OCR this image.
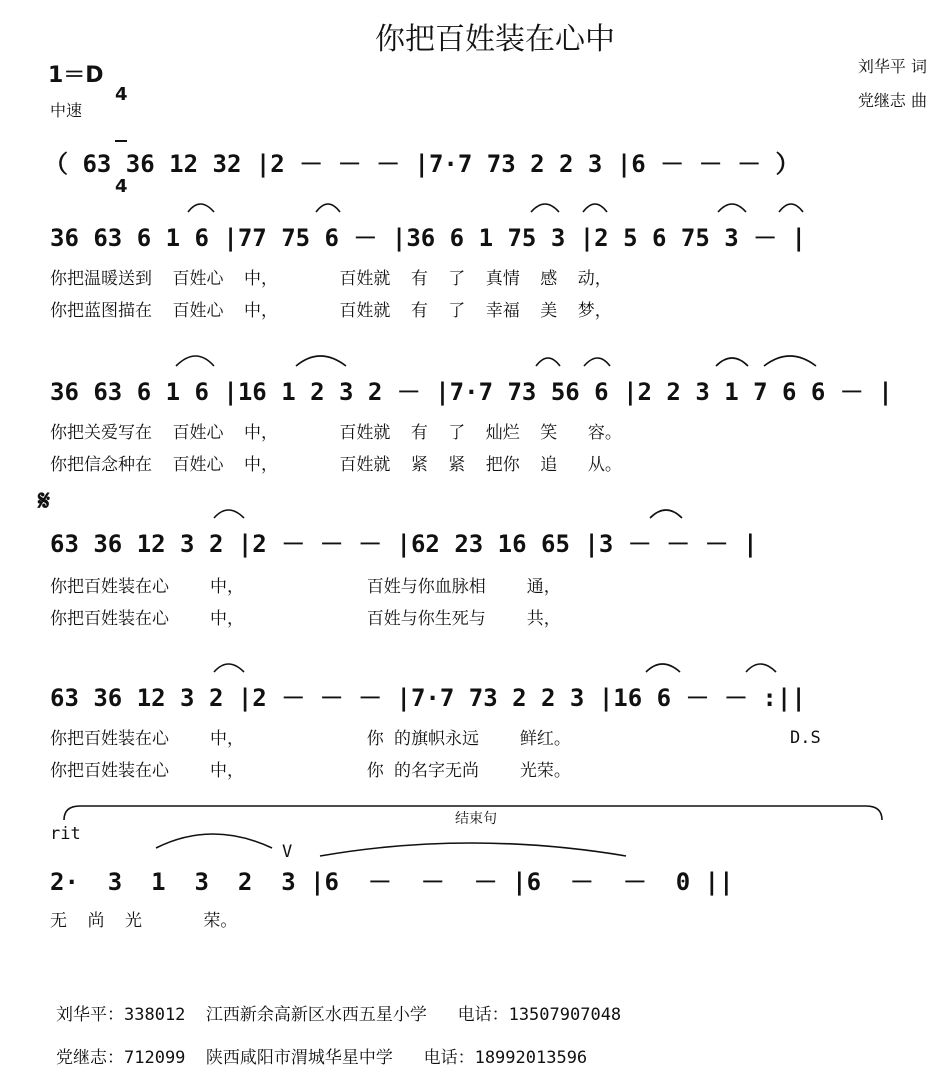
你把百姓装在心中
1＝D

4

4

中速
刘华平 词
党继志 曲
（ 63 36 12 32 |2 － － － |7·7 73 2 2 3 |6 － － － ）
36 63 6 1 6 |77 75 6 － |36 6 1 75 3 |2 5 6 75 3 － |
你把温暖送到  百姓心  中，      百姓就  有  了  真情  感  动，
你把蓝图描在  百姓心  中，      百姓就  有  了  幸福  美  梦，
36 63 6 1 6 |16 1 2 3 2 － |7·7 73 56 6 |2 2 3 1 7 6 6 － |
你把关爱写在  百姓心  中，      百姓就  有  了  灿烂  笑   容。
你把信念种在  百姓心  中，      百姓就  紧  紧  把你  追   从。
𝄋
63 36 12 3 2 |2 － － － |62 23 16 65 |3 － － － |
你把百姓装在心    中，            百姓与你血脉相    通，
你把百姓装在心    中，            百姓与你生死与    共，
63 36 12 3 2 |2 － － － |7·7 73 2 2 3 |16 6 － － :||
你把百姓装在心    中，            你 的旗帜永远    鲜红。
你把百姓装在心    中，            你 的名字无尚    光荣。
D.S
结束句
rit
V
2·  3  1  3  2  3 |6  －  －  － |6  －  －  0 ||
无  尚  光      荣。
刘华平：338012  江西新余高新区水西五星小学   电话：13507907048
党继志：712099  陕西咸阳市渭城华星中学   电话：18992013596
